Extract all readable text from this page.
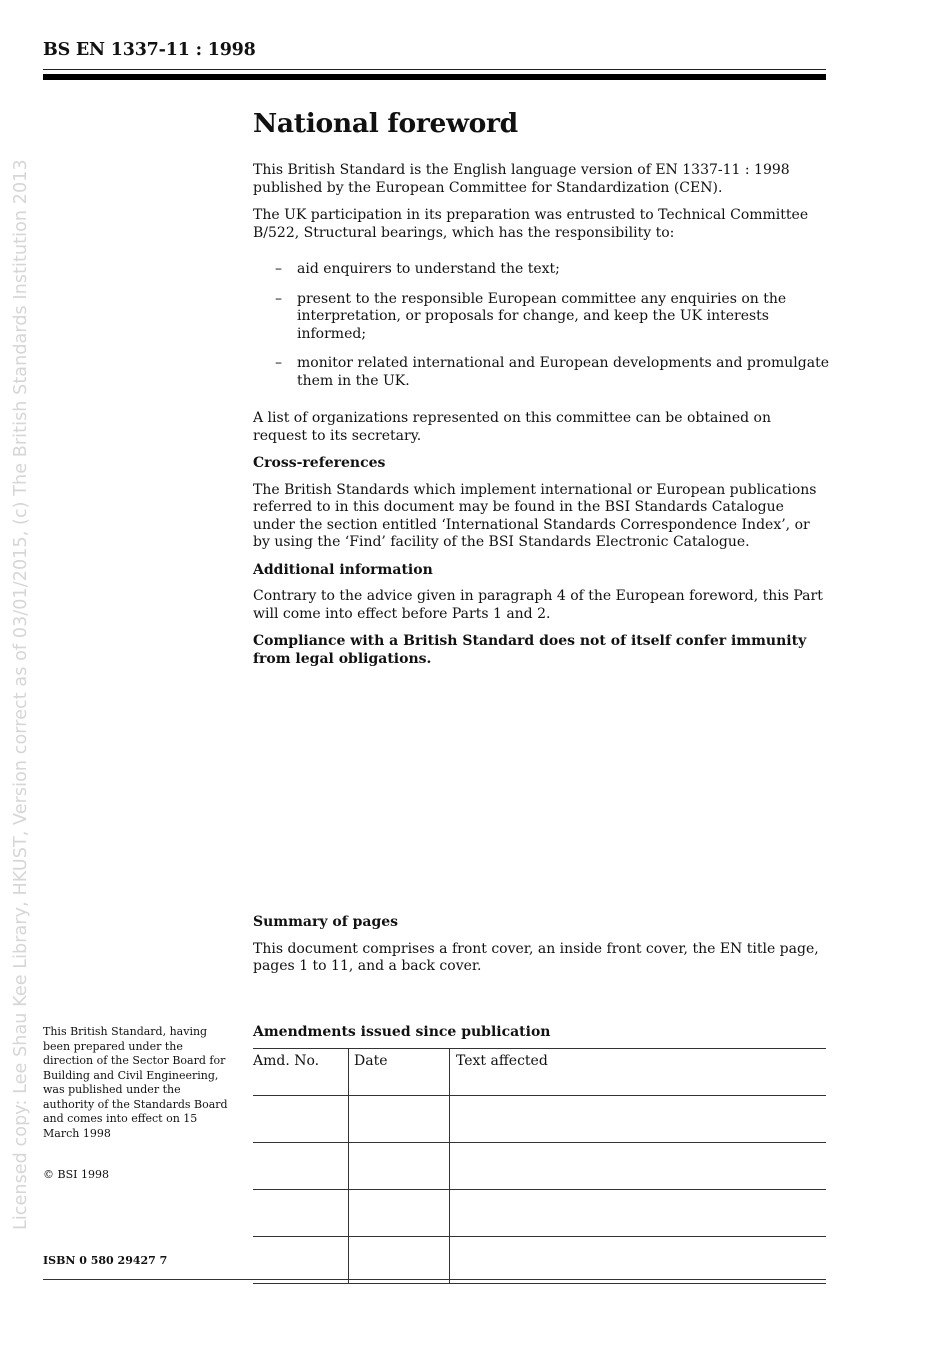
BS EN 1337-11 : 1998
Licensed copy: Lee Shau Kee Library, HKUST, Version correct as of 03/01/2015, (c) The British Standards Institution 2013
National foreword

This British Standard is the English language version of EN 1337-11 : 1998 published by the European Committee for Standardization (CEN).

The UK participation in its preparation was entrusted to Technical Committee B/522, Structural bearings, which has the responsibility to:

– aid enquirers to understand the text;
– present to the responsible European committee any enquiries on the interpretation, or proposals for change, and keep the UK interests informed;
– monitor related international and European developments and promulgate them in the UK.

A list of organizations represented on this committee can be obtained on request to its secretary.

Cross-references

The British Standards which implement international or European publications referred to in this document may be found in the BSI Standards Catalogue under the section entitled ‘International Standards Correspondence Index’, or by using the ‘Find’ facility of the BSI Standards Electronic Catalogue.

Additional information

Contrary to the advice given in paragraph 4 of the European foreword, this Part will come into effect before Parts 1 and 2.

Compliance with a British Standard does not of itself confer immunity from legal obligations.

Summary of pages

This document comprises a front cover, an inside front cover, the EN title page, pages 1 to 11, and a back cover.

This British Standard, having been prepared under the direction of the Sector Board for Building and Civil Engineering, was published under the authority of the Standards Board and comes into effect on 15 March 1998
© BSI 1998
ISBN 0 580 29427 7
Amendments issued since publication
Amd. No.	Date	Text affected
